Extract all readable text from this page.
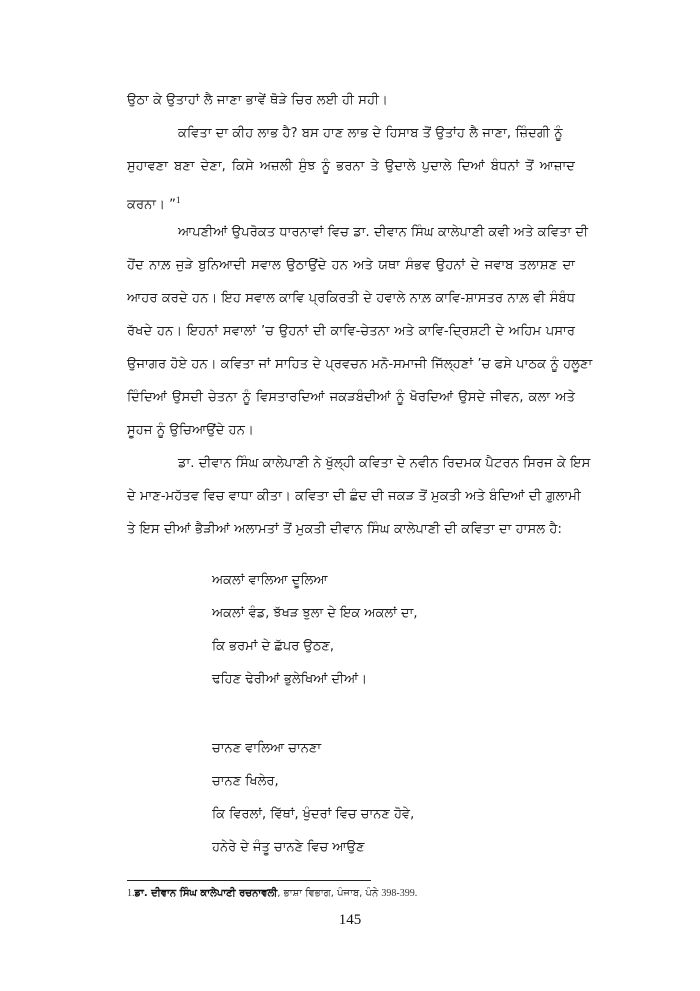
ਉਠਾ ਕੇ ਉਤਾਹਾਂ ਲੈ ਜਾਣਾ ਭਾਵੇਂ ਥੋੜੇ ਚਿਰ ਲਈ ਹੀ ਸਹੀ।
ਕਵਿਤਾ ਦਾ ਕੀਹ ਲਾਭ ਹੈ? ਬਸ ਹਾਣ ਲਾਭ ਦੇ ਹਿਸਾਬ ਤੋਂ ਉਤਾਂਹ ਲੈ ਜਾਣਾ, ਜ਼ਿੰਦਗੀ ਨੂੰ
ਸੁਹਾਵਣਾ ਬਣਾ ਦੇਣਾ, ਕਿਸੇ ਅਜ਼ਲੀ ਸੁੰਝ ਨੂੰ ਭਰਨਾ ਤੇ ਉਦਾਲੇ ਪੁਦਾਲੇ ਦਿਆਂ ਬੰਧਨਾਂ ਤੋਂ ਆਜ਼ਾਦ
ਕਰਨਾ। ”$^1$
ਆਪਣੀਆਂ ਉਪਰੋਕਤ ਧਾਰਨਾਵਾਂ ਵਿਚ ਡਾ. ਦੀਵਾਨ ਸਿੰਘ ਕਾਲੇਪਾਣੀ ਕਵੀ ਅਤੇ ਕਵਿਤਾ ਦੀ
ਹੋਂਦ ਨਾਲ਼ ਜੁੜੇ ਬੁਨਿਆਦੀ ਸਵਾਲ ਉਠਾਉਂਦੇ ਹਨ ਅਤੇ ਯਥਾ ਸੰਭਵ ਉਹਨਾਂ ਦੇ ਜਵਾਬ ਤਲਾਸ਼ਣ ਦਾ
ਆਹਰ ਕਰਦੇ ਹਨ। ਇਹ ਸਵਾਲ ਕਾਵਿ ਪ੍ਰਕਿਰਤੀ ਦੇ ਹਵਾਲੇ ਨਾਲ਼ ਕਾਵਿ-ਸ਼ਾਸਤਰ ਨਾਲ਼ ਵੀ ਸੰਬੰਧ
ਰੱਖਦੇ ਹਨ। ਇਹਨਾਂ ਸਵਾਲਾਂ ’ਚ ਉਹਨਾਂ ਦੀ ਕਾਵਿ-ਚੇਤਨਾ ਅਤੇ ਕਾਵਿ-ਦ੍ਰਿਸ਼ਟੀ ਦੇ ਅਹਿਮ ਪਸਾਰ
ਉਜਾਗਰ ਹੋਏ ਹਨ। ਕਵਿਤਾ ਜਾਂ ਸਾਹਿਤ ਦੇ ਪ੍ਰਵਚਨ ਮਨੋ-ਸਮਾਜੀ ਜਿੱਲ੍ਹਣਾਂ ’ਚ ਫਸੇ ਪਾਠਕ ਨੂੰ ਹਲੂਣਾ
ਦਿੰਦਿਆਂ ਉਸਦੀ ਚੇਤਨਾ ਨੂੰ ਵਿਸਤਾਰਦਿਆਂ ਜਕੜਬੰਦੀਆਂ ਨੂੰ ਖੋਰਦਿਆਂ ਉਸਦੇ ਜੀਵਨ, ਕਲਾ ਅਤੇ
ਸੂਹਜ ਨੂੰ ਉਚਿਆਉਂਦੇ ਹਨ।
ਡਾ. ਦੀਵਾਨ ਸਿੰਘ ਕਾਲੇਪਾਣੀ ਨੇ ਖੁੱਲ੍ਹੀ ਕਵਿਤਾ ਦੇ ਨਵੀਨ ਰਿਦਮਕ ਪੈਟਰਨ ਸਿਰਜ ਕੇ ਇਸ
ਦੇ ਮਾਣ-ਮਹੱਤਵ ਵਿਚ ਵਾਧਾ ਕੀਤਾ। ਕਵਿਤਾ ਦੀ ਛੰਦ ਦੀ ਜਕੜ ਤੋਂ ਮੁਕਤੀ ਅਤੇ ਬੰਦਿਆਂ ਦੀ ਗ਼ੁਲਾਮੀ
ਤੇ ਇਸ ਦੀਆਂ ਭੈੜੀਆਂ ਅਲਾਮਤਾਂ ਤੋਂ ਮੁਕਤੀ ਦੀਵਾਨ ਸਿੰਘ ਕਾਲੇਪਾਣੀ ਦੀ ਕਵਿਤਾ ਦਾ ਹਾਸਲ ਹੈ:
ਅਕਲਾਂ ਵਾਲਿਆ ਦੂਲਿਆ
ਅਕਲਾਂ ਵੰਡ, ਝੱਖੜ ਝੁਲਾ ਦੇ ਇਕ ਅਕਲਾਂ ਦਾ,
ਕਿ ਭਰਮਾਂ ਦੇ ਛੱਪਰ ਉਠਣ,
ਢਹਿਣ ਢੇਰੀਆਂ ਭੁਲੇਖਿਆਂ ਦੀਆਂ।
ਚਾਨਣ ਵਾਲਿਆ ਚਾਨਣਾ
ਚਾਨਣ ਖਿਲੇਰ,
ਕਿ ਵਿਰਲਾਂ, ਵਿੱਥਾਂ, ਖੁੰਦਰਾਂ ਵਿਚ ਚਾਨਣ ਹੋਵੇ,
ਹਨੇਰੇ ਦੇ ਜੰਤੂ ਚਾਨਣੇ ਵਿਚ ਆਉਣ
1.ਡਾ. ਦੀਵਾਨ ਸਿੰਘ ਕਾਲੇਪਾਣੀ ਰਚਨਾਵਲੀ, ਭਾਸ਼ਾ ਵਿਭਾਗ, ਪੰਜਾਬ, ਪੰਨੇ 398-399.
145
